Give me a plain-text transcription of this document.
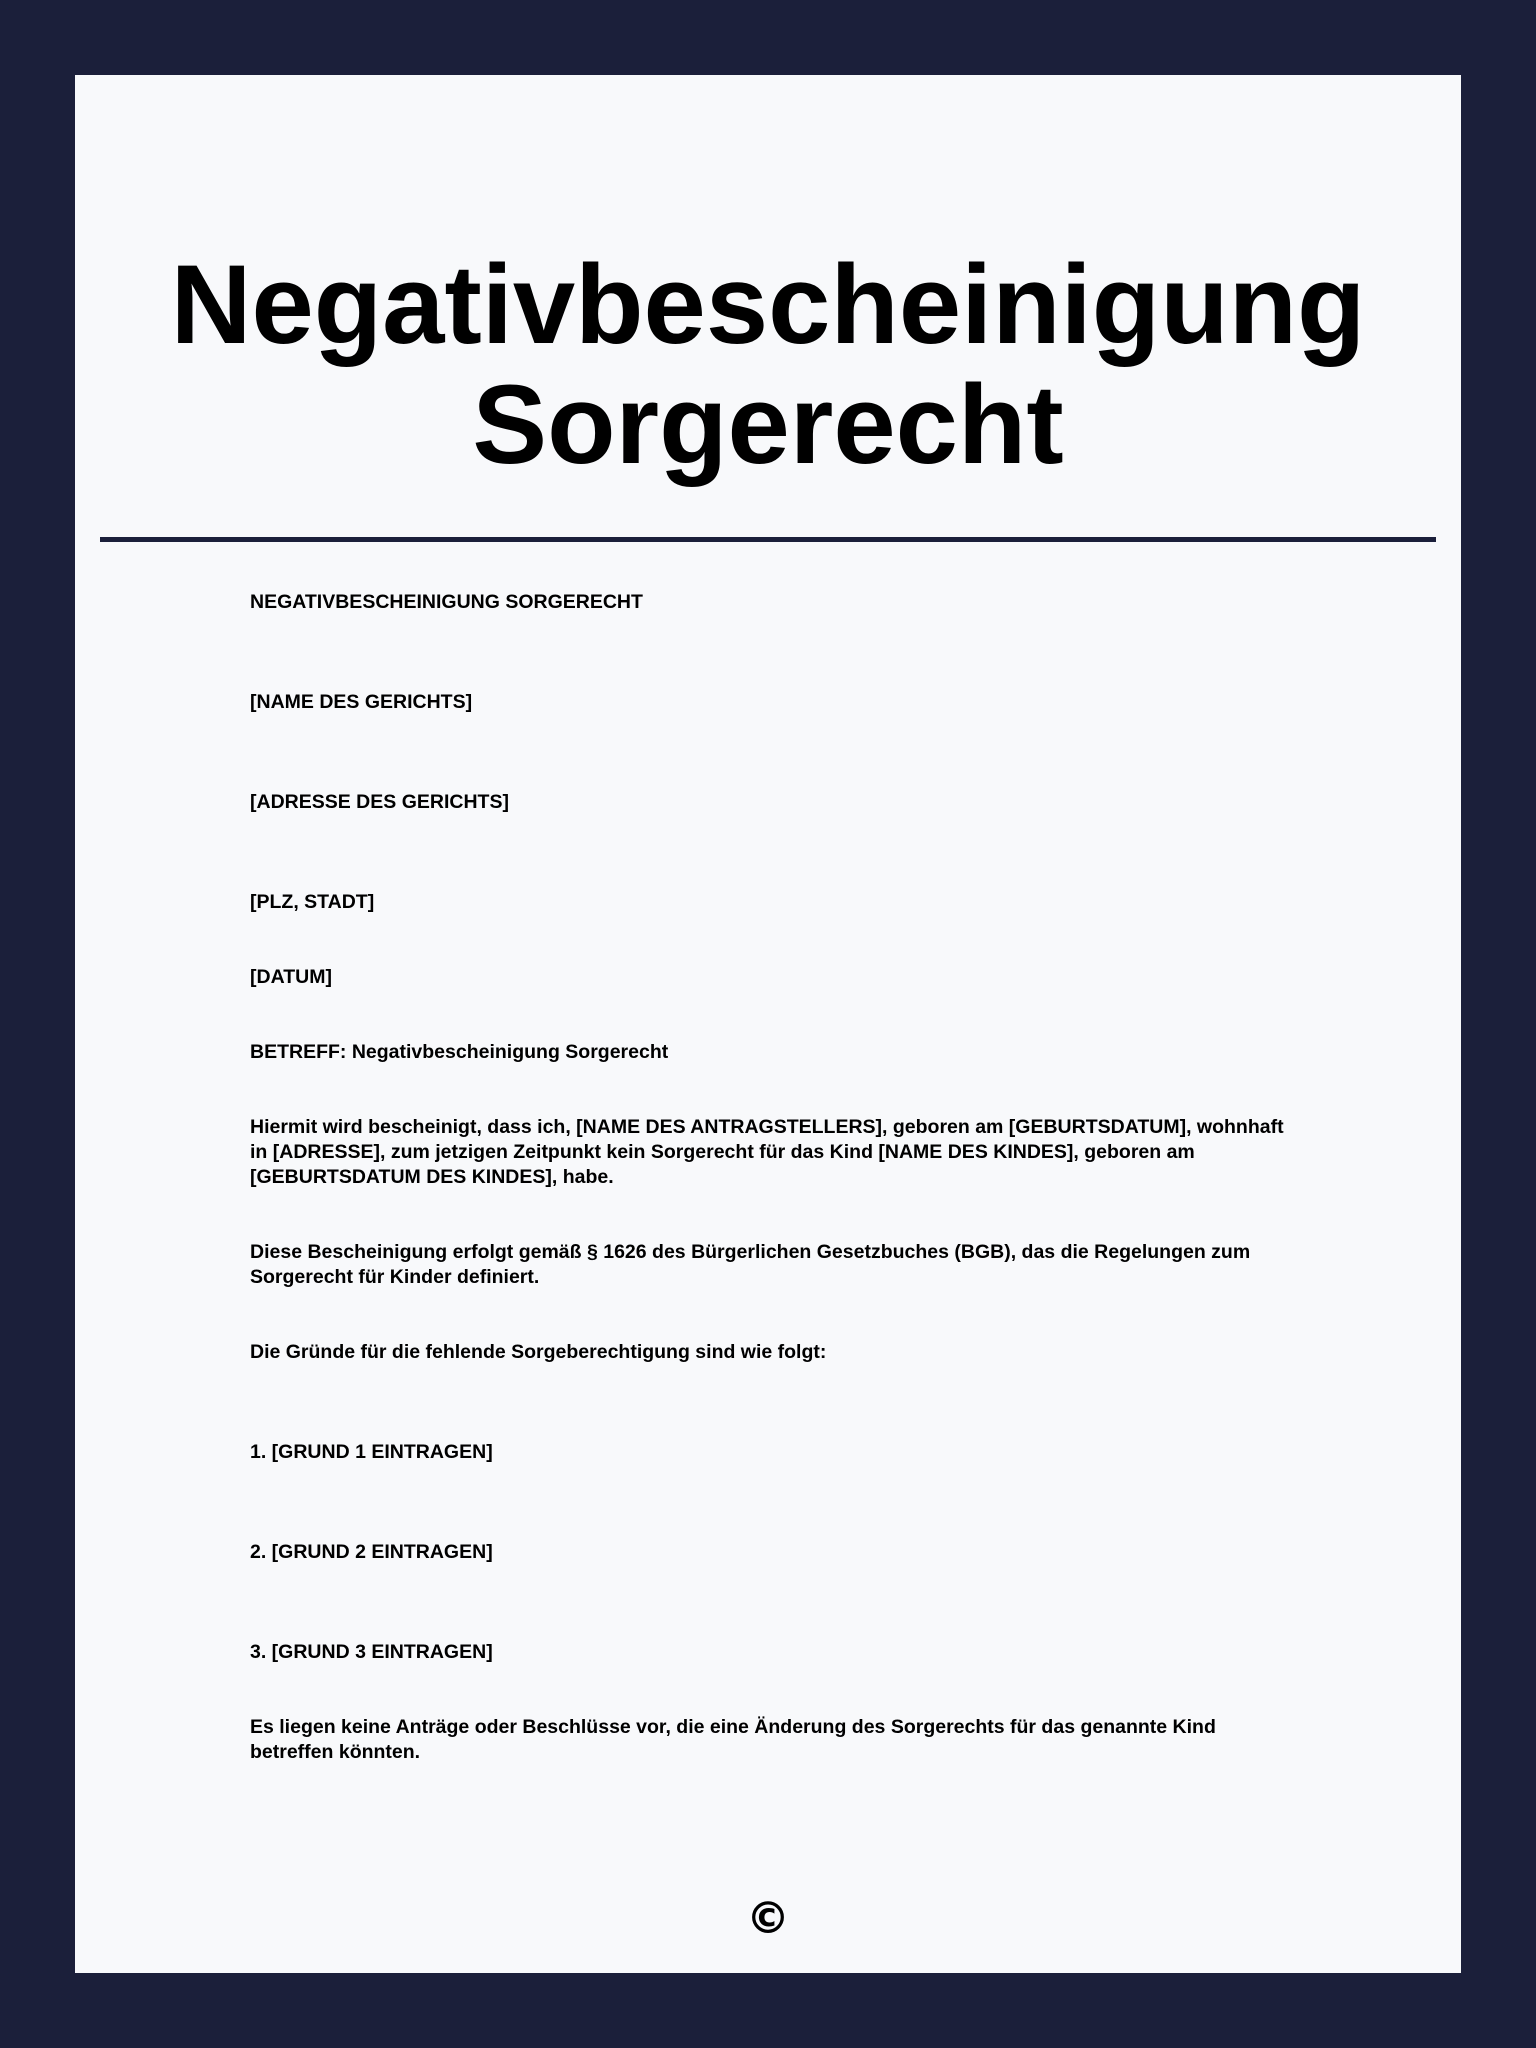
Negativbescheinigung
Sorgerecht

NEGATIVBESCHEINIGUNG SORGERECHT

[NAME DES GERICHTS]

[ADRESSE DES GERICHTS]

[PLZ, STADT]

[DATUM]

BETREFF: Negativbescheinigung Sorgerecht

Hiermit wird bescheinigt, dass ich, [NAME DES ANTRAGSTELLERS], geboren am [GEBURTSDATUM], wohnhaft in [ADRESSE], zum jetzigen Zeitpunkt kein Sorgerecht für das Kind [NAME DES KINDES], geboren am [GEBURTSDATUM DES KINDES], habe.

Diese Bescheinigung erfolgt gemäß § 1626 des Bürgerlichen Gesetzbuches (BGB), das die Regelungen zum Sorgerecht für Kinder definiert.

Die Gründe für die fehlende Sorgeberechtigung sind wie folgt:

1. [GRUND 1 EINTRAGEN]

2. [GRUND 2 EINTRAGEN]

3. [GRUND 3 EINTRAGEN]

Es liegen keine Anträge oder Beschlüsse vor, die eine Änderung des Sorgerechts für das genannte Kind betreffen könnten.

©
